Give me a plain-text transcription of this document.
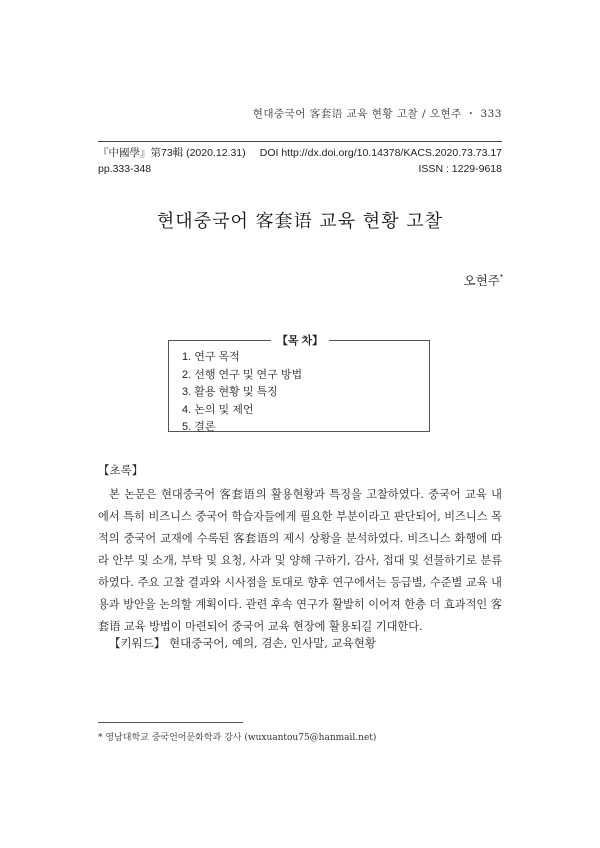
현대중국어 客套语 교육 현황 고찰 / 오현주 ・ 333
『中國學』第73輯 (2020.12.31) DOI http://dx.doi.org/10.14378/KACS.2020.73.73.17
pp.333-348	ISSN : 1229-9618
현대중국어 客套语 교육 현황 고찰
오현주*
【목 차】
1. 연구 목적
2. 선행 연구 및 연구 방법
3. 활용 현황 및 특징
4. 논의 및 제언
5. 결론
【초록】

본 논문은 현대중국어 客套语의 활용현황과 특징을 고찰하였다. 중국어 교육 내에서 특히 비즈니스 중국어 학습자들에게 필요한 부분이라고 판단되어, 비즈니스 목적의 중국어 교재에 수록된 客套语의 제시 상황을 분석하였다. 비즈니스 화행에 따라 안부 및 소개, 부탁 및 요청, 사과 및 양해 구하기, 감사, 접대 및 선물하기로 분류하였다. 주요 고찰 결과와 시사점을 토대로 향후 연구에서는 등급별, 수준별 교육 내용과 방안을 논의할 계획이다. 관련 후속 연구가 활발히 이어져 한층 더 효과적인 客套语 교육 방법이 마련되어 중국어 교육 현장에 활용되길 기대한다.

【키워드】 현대중국어, 예의, 겸손, 인사말, 교육현황
* 영남대학교 중국언어문화학과 강사 (wuxuantou75@hanmail.net)
